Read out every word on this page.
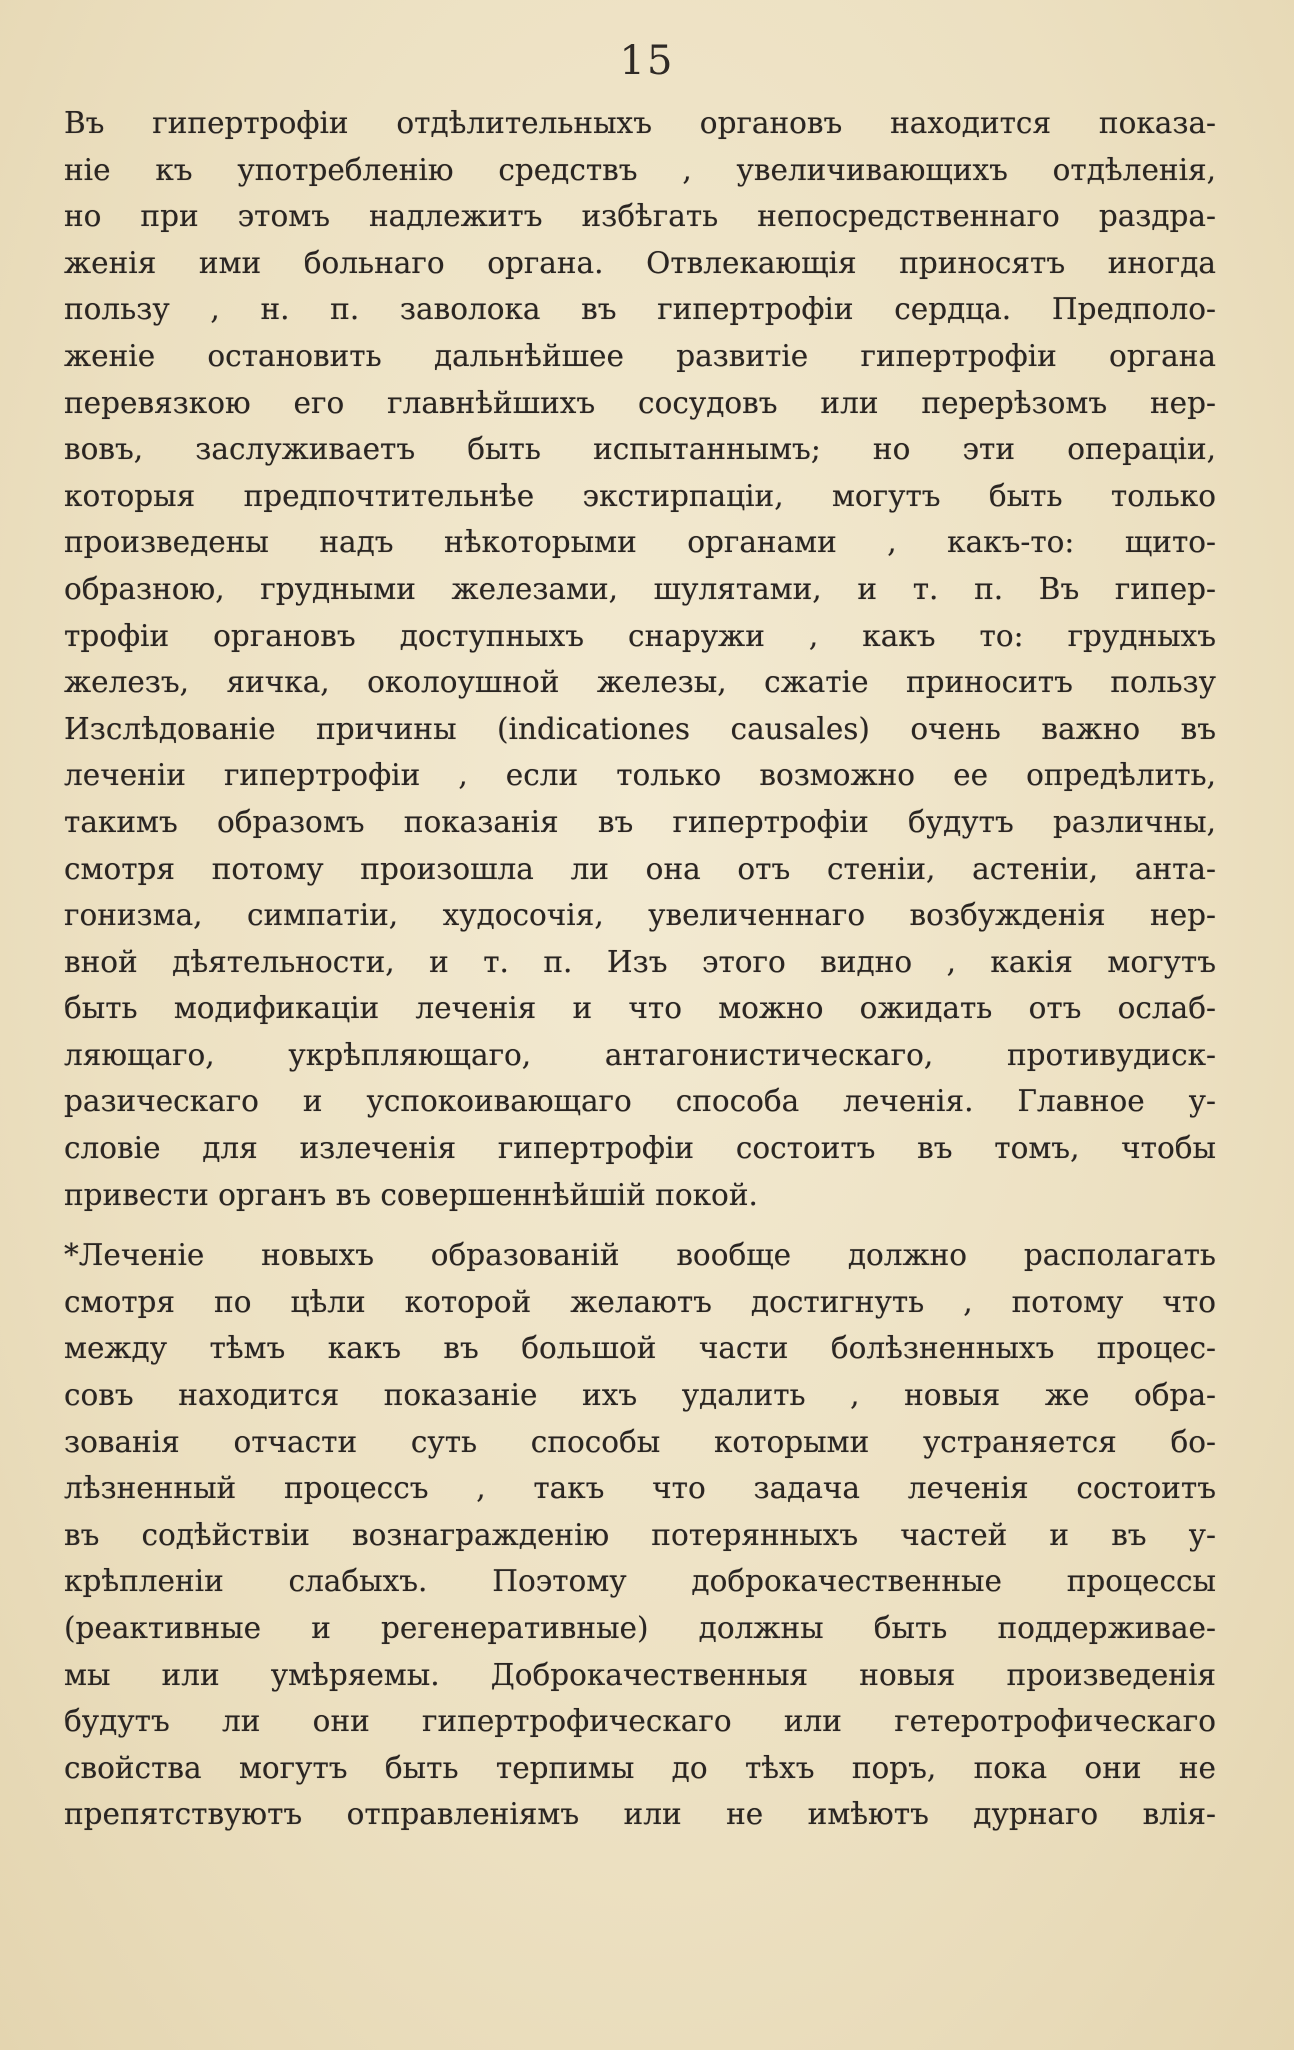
15
Въ гипертрофіи отдѣлительныхъ органовъ находится показа-
ніе къ употребленію средствъ , увеличивающихъ отдѣленія,
но при этомъ надлежитъ избѣгать непосредственнаго раздра-
женія ими больнаго органа. Отвлекающія приносятъ иногда
пользу , н. п. заволока въ гипертрофіи сердца. Предполо-
женіе остановить дальнѣйшее развитіе гипертрофіи органа
перевязкою его главнѣйшихъ сосудовъ или перерѣзомъ нер-
вовъ, заслуживаетъ быть испытаннымъ; но эти операціи,
которыя предпочтительнѣе экстирпаціи, могутъ быть только
произведены надъ нѣкоторыми органами , какъ-то: щито-
образною, грудными железами, шулятами, и т. п. Въ гипер-
трофіи органовъ доступныхъ снаружи , какъ то: грудныхъ
железъ, яичка, околоушной железы, сжатіе приноситъ пользу
Изслѣдованіе причины (indicationes causales) очень важно въ
леченіи гипертрофіи , если только возможно ее опредѣлить,
такимъ образомъ показанія въ гипертрофіи будутъ различны,
смотря потому произошла ли она отъ стеніи, астеніи, анта-
гонизма, симпатіи, худосочія, увеличеннаго возбужденія нер-
вной дѣятельности, и т. п. Изъ этого видно , какія могутъ
быть модификаціи леченія и что можно ожидать отъ ослаб-
ляющаго, укрѣпляющаго, антагонистическаго, противудиск-
разическаго и успокоивающаго способа леченія. Главное у-
словіе для излеченія гипертрофіи состоитъ въ томъ, чтобы
привести органъ въ совершеннѣйшій покой.
*Леченіе новыхъ образованій вообще должно располагать
смотря по цѣли которой желаютъ достигнуть , потому что
между тѣмъ какъ въ большой части болѣзненныхъ процес-
совъ находится показаніе ихъ удалить , новыя же обра-
зованія отчасти суть способы которыми устраняется бо-
лѣзненный процессъ , такъ что задача леченія состоитъ
въ содѣйствіи вознагражденію потерянныхъ частей и въ у-
крѣпленіи слабыхъ. Поэтому доброкачественные процессы
(реактивные и регенеративные) должны быть поддерживае-
мы или умѣряемы. Доброкачественныя новыя произведенія
будутъ ли они гипертрофическаго или гетеротрофическаго
свойства могутъ быть терпимы до тѣхъ поръ, пока они не
препятствуютъ отправленіямъ или не имѣютъ дурнаго влія-
